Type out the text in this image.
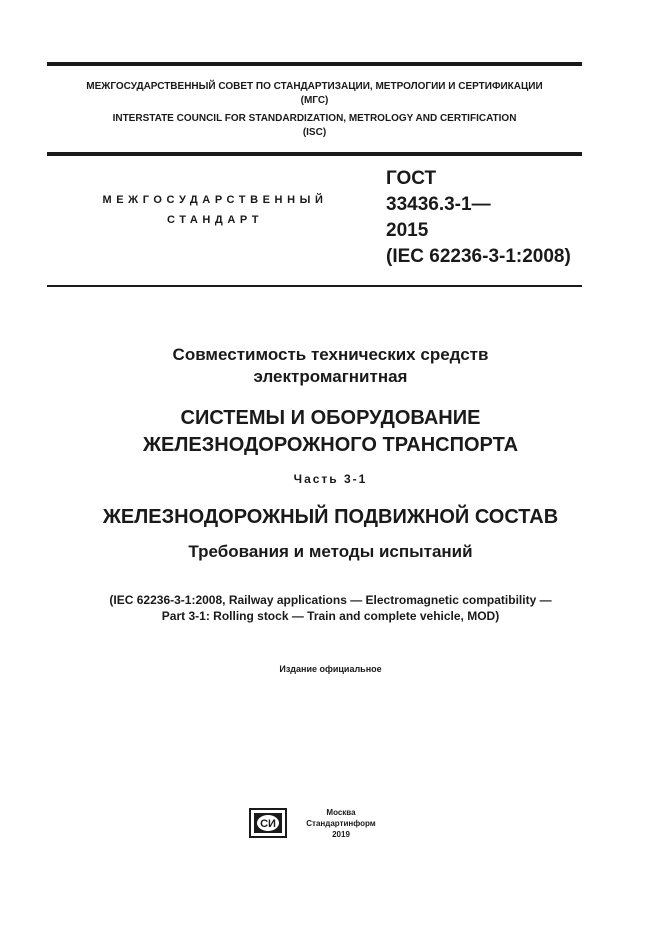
МЕЖГОСУДАРСТВЕННЫЙ СОВЕТ ПО СТАНДАРТИЗАЦИИ, МЕТРОЛОГИИ И СЕРТИФИКАЦИИ
(МГС)
INTERSTATE COUNCIL FOR STANDARDIZATION, METROLOGY AND CERTIFICATION
(ISC)
МЕЖГОСУДАРСТВЕННЫЙ
СТАНДАРТ
ГОСТ
33436.3-1—
2015
(IEC 62236-3-1:2008)
Совместимость технических средств
электромагнитная
СИСТЕМЫ И ОБОРУДОВАНИЕ
ЖЕЛЕЗНОДОРОЖНОГО ТРАНСПОРТА
Часть 3-1
ЖЕЛЕЗНОДОРОЖНЫЙ ПОДВИЖНОЙ СОСТАВ
Требования и методы испытаний
(IEC 62236-3-1:2008, Railway applications — Electromagnetic compatibility —
Part 3-1: Rolling stock — Train and complete vehicle, MOD)
Издание официальное
СИ
Москва
Стандартинформ
2019
